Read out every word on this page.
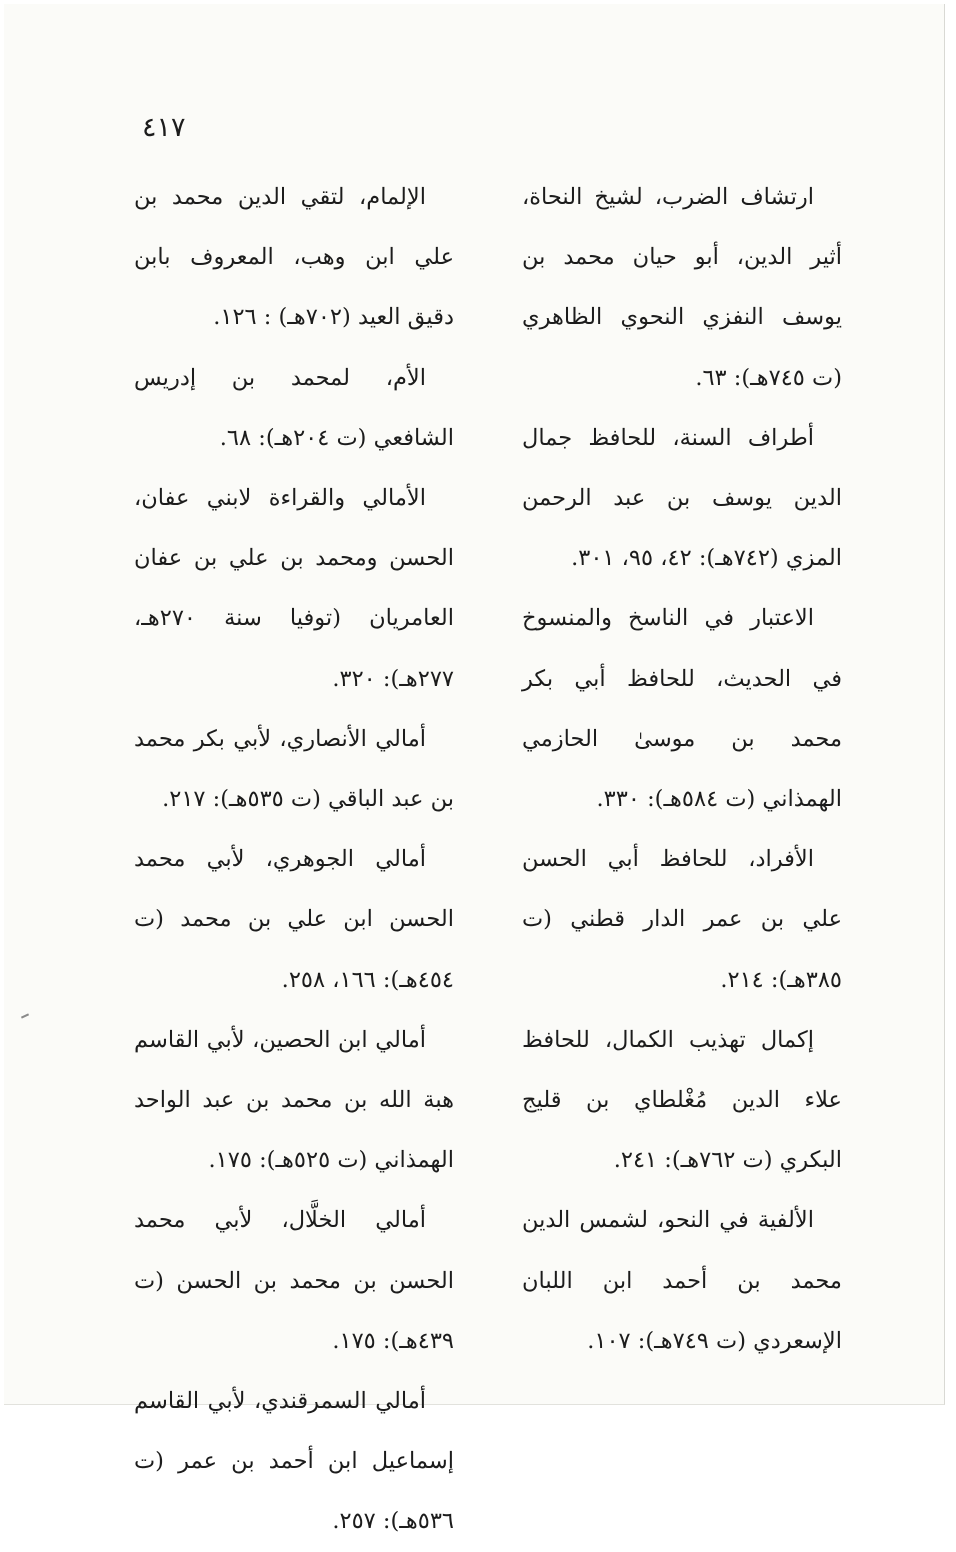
٤١٧

ارتشاف الضرب، لشيخ النحاة، أثير الدين، أبو حيان محمد بن يوسف النفزي النحوي الظاهري (ت ٧٤٥هـ): ٦٣.

أطراف السنة، للحافظ جمال الدين يوسف بن عبد الرحمن المزي (٧٤٢هـ): ٤٢، ٩٥، ٣٠١.

الاعتبار في الناسخ والمنسوخ في الحديث، للحافظ أبي بكر محمد بن موسىٰ الحازمي الهمذاني (ت ٥٨٤هـ): ٣٣٠.

الأفراد، للحافظ أبي الحسن علي بن عمر الدار قطني (ت ٣٨٥هـ): ٢١٤.

إكمال تهذيب الكمال، للحافظ علاء الدين مُغْلطاي بن قليج البكري (ت ٧٦٢هـ): ٢٤١.

الألفية في النحو، لشمس الدين محمد بن أحمد ابن اللبان الإسعردي (ت ٧٤٩هـ): ١٠٧.

الإلمام، لتقي الدين محمد بن علي ابن وهب، المعروف بابن دقيق العيد (٧٠٢هـ) : ١٢٦.

الأم، لمحمد بن إدريس الشافعي (ت ٢٠٤هـ): ٦٨.

الأمالي والقراءة لابني عفان، الحسن ومحمد بن علي بن عفان العامريان (توفيا سنة ٢٧٠هـ، ٢٧٧هـ): ٣٢٠.

أمالي الأنصاري، لأبي بكر محمد بن عبد الباقي (ت ٥٣٥هـ): ٢١٧.

أمالي الجوهري، لأبي محمد الحسن ابن علي بن محمد (ت ٤٥٤هـ): ١٦٦، ٢٥٨.

أمالي ابن الحصين، لأبي القاسم هبة الله بن محمد بن عبد الواحد الهمذاني (ت ٥٢٥هـ): ١٧٥.

أمالي الخلَّال، لأبي محمد الحسن بن محمد بن الحسن (ت ٤٣٩هـ): ١٧٥.

أمالي السمرقندي، لأبي القاسم إسماعيل ابن أحمد بن عمر (ت ٥٣٦هـ): ٢٥٧.
